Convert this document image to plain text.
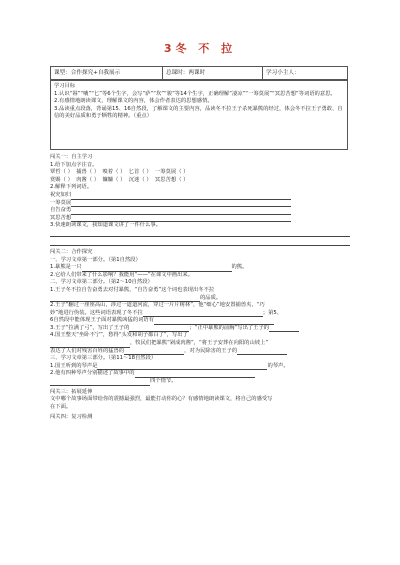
3冬 不 拉
课型：合作探究+自我展示	总课时：两课时	学习小主人：
学习目标
1.认识“幂”“嚷”“匕”等6个生字，会写“萨”“坎”“骏”等14个生字，正确理解“凄凉”“一筹莫展”“冥思苦想”等词语的意思。
2.有感情地朗读课文，理解课文的内容，体会作者表达的思想感情。
3.品读重点段落，背诵第15、16自然段，了解课文的主要内容，品读冬不拉王子杀死暴熊的经过，体会冬不拉王子勇敢、自信的美好品质和勇于牺牲的精神。（重点）
闯关一：自主学习
1.给下加点字注音。
覃哲（ ） 捕兽（ ） 嗅着（ ） 匕首（ ） 一筹莫展（ ）
赏赐（ ） 肉酱（ ） 镰镰（ ） 沉迷（ ） 冥思苦想（ ）
2.解释下列词语。
祝究如归
一筹莫展
自告奋勇
冥思苦想
3.快速朗读课文，我知道课文讲了一件什么事。
闯关二：合作探究
一、学习文章第一部分。（第1自然段）
1.暴熊是一只	的熊。
2.它给人们带来了什么影响？我能用“——”在课文中画出来。
二、学习文章第二部分。（第2～10自然段）
1.王子冬不拉自告奋勇去对付暴熊，“自告奋勇”这个词也表现出冬不拉
的品质。
2.王子“翻过一座座高山，涉过一道道河流，穿过一片片树林”，他“细心”地安置捕兽夹，“巧
妙”地进行伪装。这些词语表现了冬不拉	；第5、
6自然段中能体现王子面对暴熊凶猛的词语有
3.王子“拉满了弓”，写出了王子的	；“正中暴熊的前胸”写出了王子的
4.国王整天“坐卧不宁”，愁得“头发和胡子都白了”，写出了
，牧民们把暴熊“剁成肉酱”，“将王子安葬在向阳的山坡上”
表达了人们对残害百姓的猛兽的	，对为民除害的王子的
三、学习文章第三部分。（第11～18自然段）
1.国王听到的琴声是	的琴声。
2.他有四种琴声分别描述了故事中的
四个情节。
闯关三：拓展延伸
文中哪个故事场面带给你的震撼最强烈，最能打动你的心？有感情地朗读课文，将自己的感受写
在下面。
闯关四：复习检测
